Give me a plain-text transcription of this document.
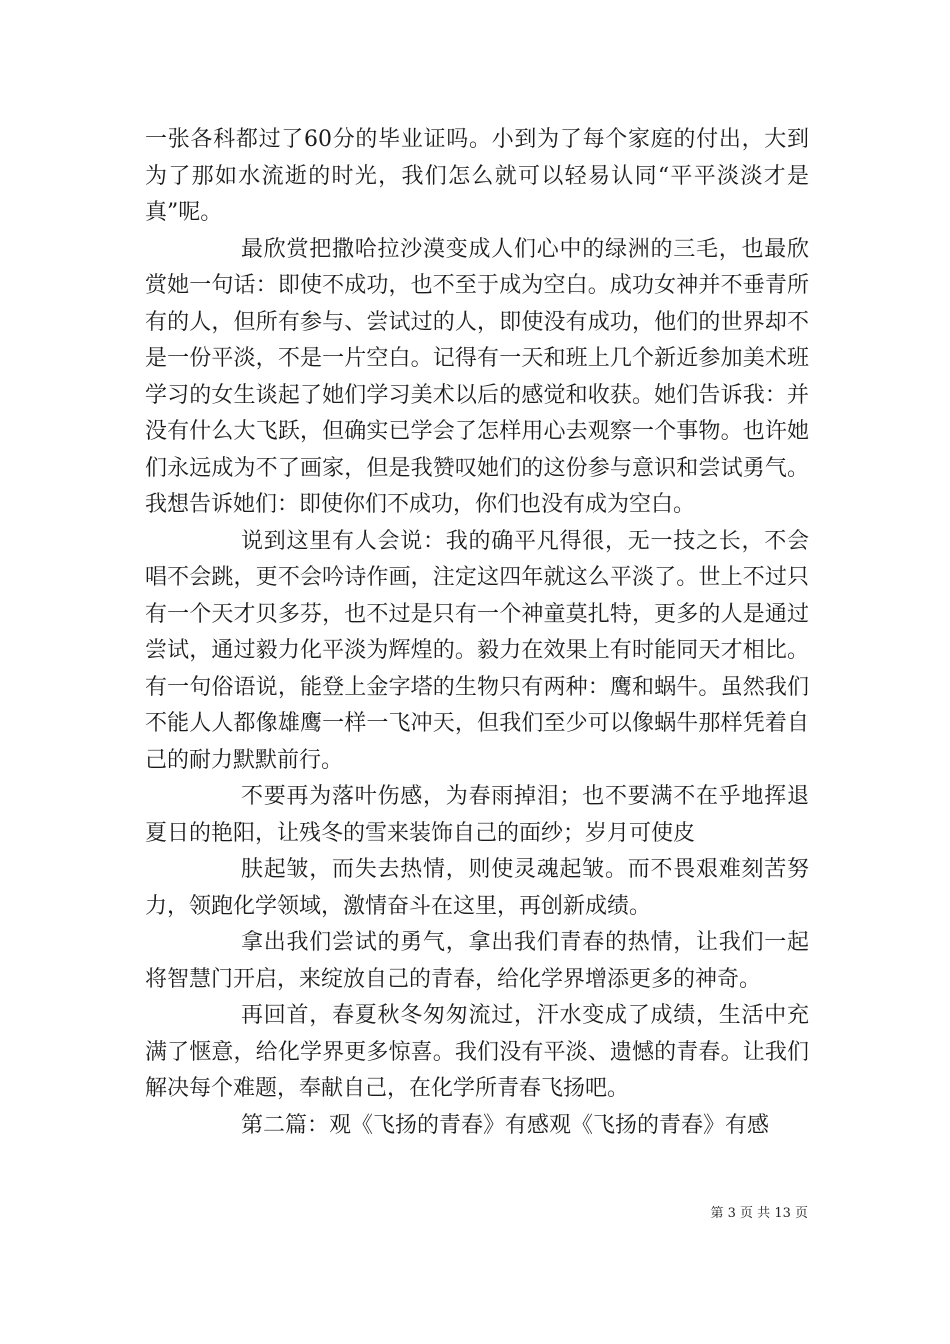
一张各科都过了60分的毕业证吗。小到为了每个家庭的付出，大到为了那如水流逝的时光，我们怎么就可以轻易认同“平平淡淡才是真”呢。

最欣赏把撒哈拉沙漠变成人们心中的绿洲的三毛，也最欣赏她一句话：即使不成功，也不至于成为空白。成功女神并不垂青所有的人，但所有参与、尝试过的人，即使没有成功，他们的世界却不是一份平淡，不是一片空白。记得有一天和班上几个新近参加美术班学习的女生谈起了她们学习美术以后的感觉和收获。她们告诉我：并没有什么大飞跃，但确实已学会了怎样用心去观察一个事物。也许她们永远成为不了画家，但是我赞叹她们的这份参与意识和尝试勇气。我想告诉她们：即使你们不成功，你们也没有成为空白。

说到这里有人会说：我的确平凡得很，无一技之长，不会唱不会跳，更不会吟诗作画，注定这四年就这么平淡了。世上不过只有一个天才贝多芬，也不过是只有一个神童莫扎特，更多的人是通过尝试，通过毅力化平淡为辉煌的。毅力在效果上有时能同天才相比。有一句俗语说，能登上金字塔的生物只有两种：鹰和蜗牛。虽然我们不能人人都像雄鹰一样一飞冲天，但我们至少可以像蜗牛那样凭着自己的耐力默默前行。

不要再为落叶伤感，为春雨掉泪；也不要满不在乎地挥退夏日的艳阳，让残冬的雪来装饰自己的面纱；岁月可使皮

肤起皱，而失去热情，则使灵魂起皱。而不畏艰难刻苦努力，领跑化学领域，激情奋斗在这里，再创新成绩。

拿出我们尝试的勇气，拿出我们青春的热情，让我们一起将智慧门开启，来绽放自己的青春，给化学界增添更多的神奇。

再回首，春夏秋冬匆匆流过，汗水变成了成绩，生活中充满了惬意，给化学界更多惊喜。我们没有平淡、遗憾的青春。让我们解决每个难题，奉献自己，在化学所青春飞扬吧。

第二篇：观《飞扬的青春》有感观《飞扬的青春》有感

第 3 页 共 13 页
